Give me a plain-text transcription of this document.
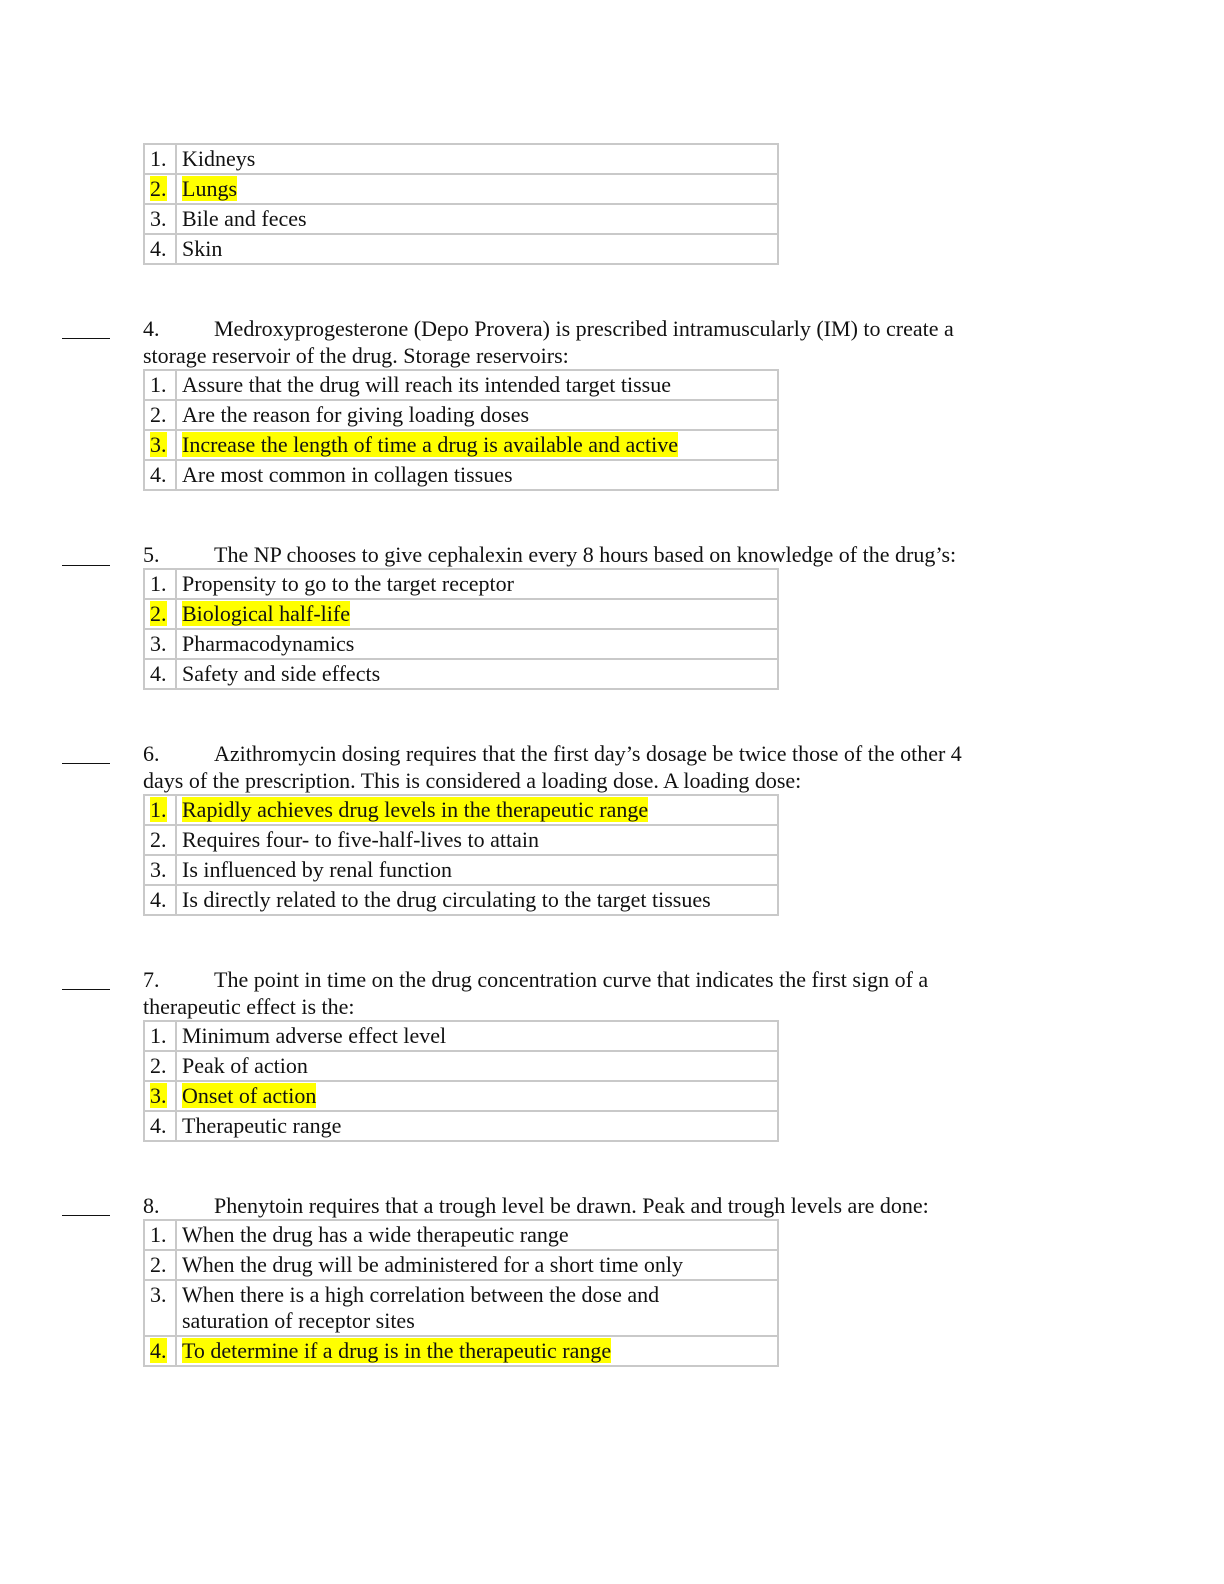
1.	Kidneys
2.	Lungs
3.	Bile and feces
4.	Skin
4. Medroxyprogesterone (Depo Provera) is prescribed intramuscularly (IM) to create a
storage reservoir of the drug. Storage reservoirs:
1.	Assure that the drug will reach its intended target tissue
2.	Are the reason for giving loading doses
3.	Increase the length of time a drug is available and active
4.	Are most common in collagen tissues
5. The NP chooses to give cephalexin every 8 hours based on knowledge of the drug’s:
1.	Propensity to go to the target receptor
2.	Biological half-life
3.	Pharmacodynamics
4.	Safety and side effects
6. Azithromycin dosing requires that the first day’s dosage be twice those of the other 4
days of the prescription. This is considered a loading dose. A loading dose:
1.	Rapidly achieves drug levels in the therapeutic range
2.	Requires four- to five-half-lives to attain
3.	Is influenced by renal function
4.	Is directly related to the drug circulating to the target tissues
7. The point in time on the drug concentration curve that indicates the first sign of a
therapeutic effect is the:
1.	Minimum adverse effect level
2.	Peak of action
3.	Onset of action
4.	Therapeutic range
8. Phenytoin requires that a trough level be drawn. Peak and trough levels are done:
1.	When the drug has a wide therapeutic range
2.	When the drug will be administered for a short time only
3.	When there is a high correlation between the dose and saturation of receptor sites
4.	To determine if a drug is in the therapeutic range
